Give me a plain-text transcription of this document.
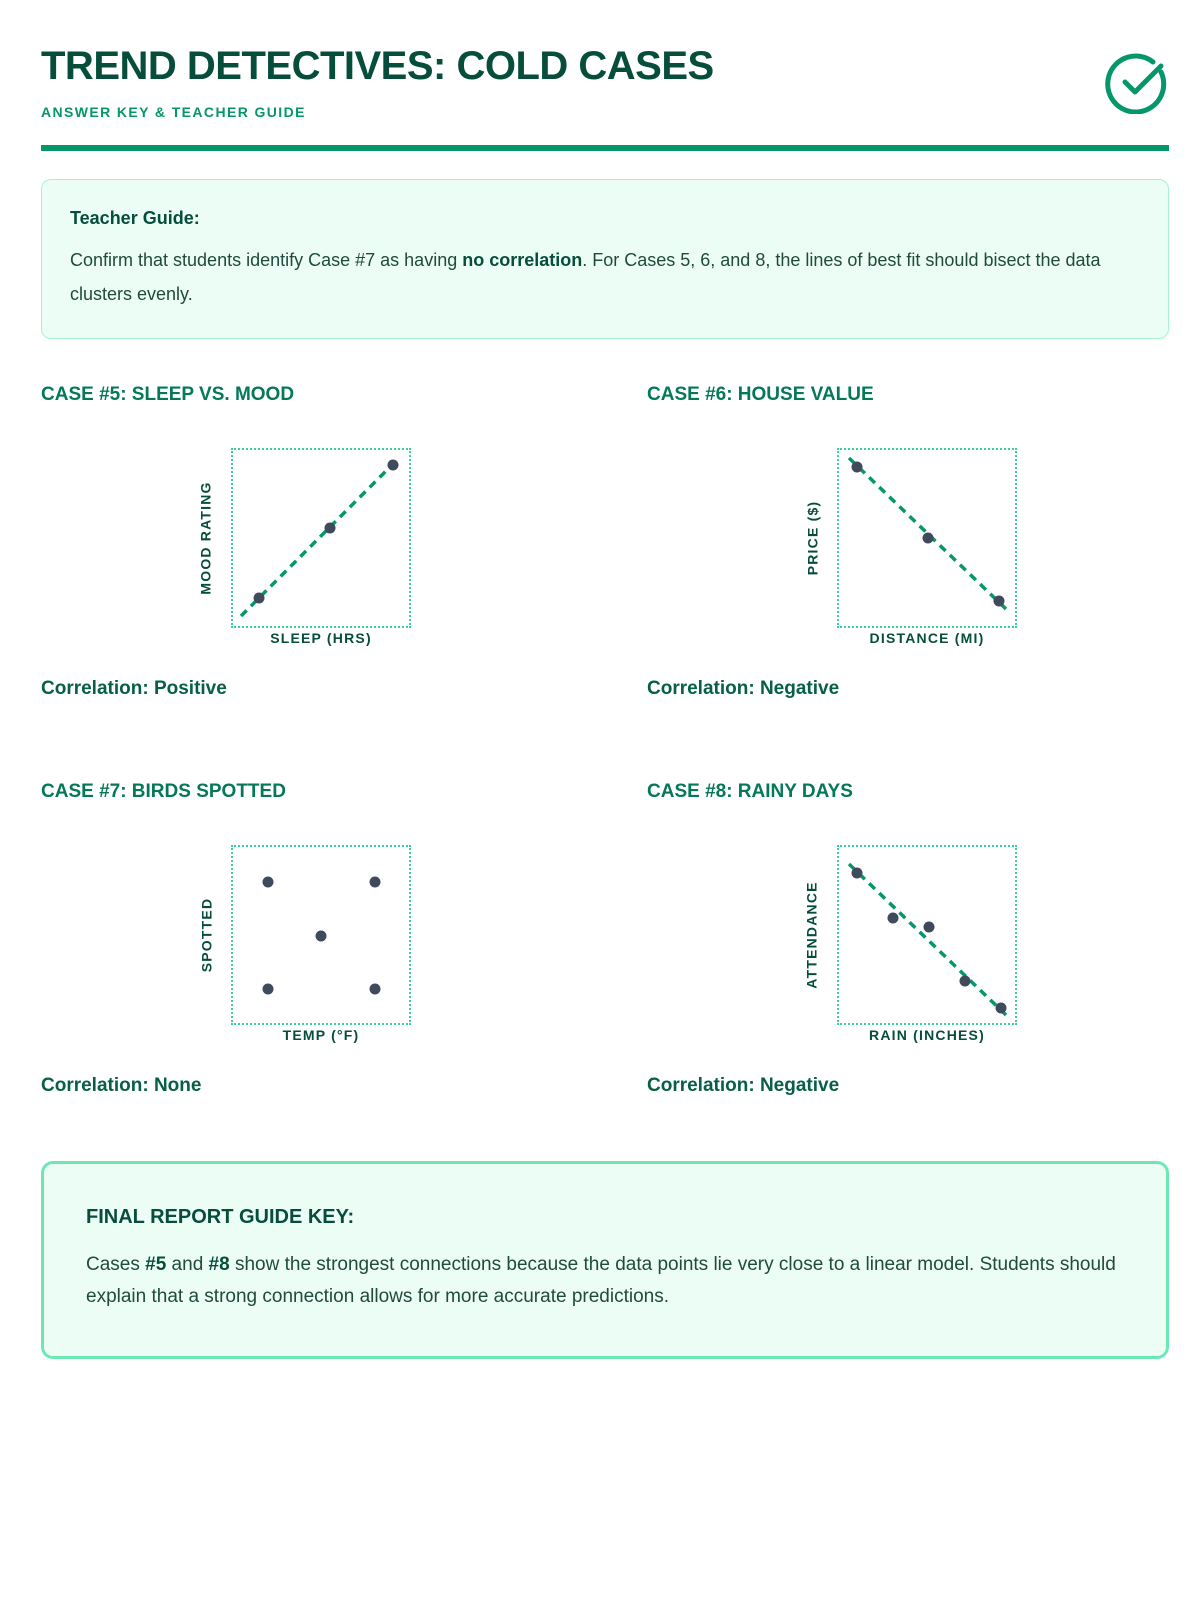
TREND DETECTIVES: COLD CASES
ANSWER KEY & TEACHER GUIDE
Teacher Guide:
Confirm that students identify Case #7 as having no correlation. For Cases 5, 6, and 8, the lines of best fit should bisect the data clusters evenly.
CASE #5: SLEEP VS. MOOD
MOOD RATING
SLEEP (HRS)
Correlation: Positive
CASE #6: HOUSE VALUE
PRICE ($)
DISTANCE (MI)
Correlation: Negative
CASE #7: BIRDS SPOTTED
SPOTTED
TEMP (°F)
Correlation: None
CASE #8: RAINY DAYS
ATTENDANCE
RAIN (INCHES)
Correlation: Negative
FINAL REPORT GUIDE KEY:
Cases #5 and #8 show the strongest connections because the data points lie very close to a linear model. Students should explain that a strong connection allows for more accurate predictions.
